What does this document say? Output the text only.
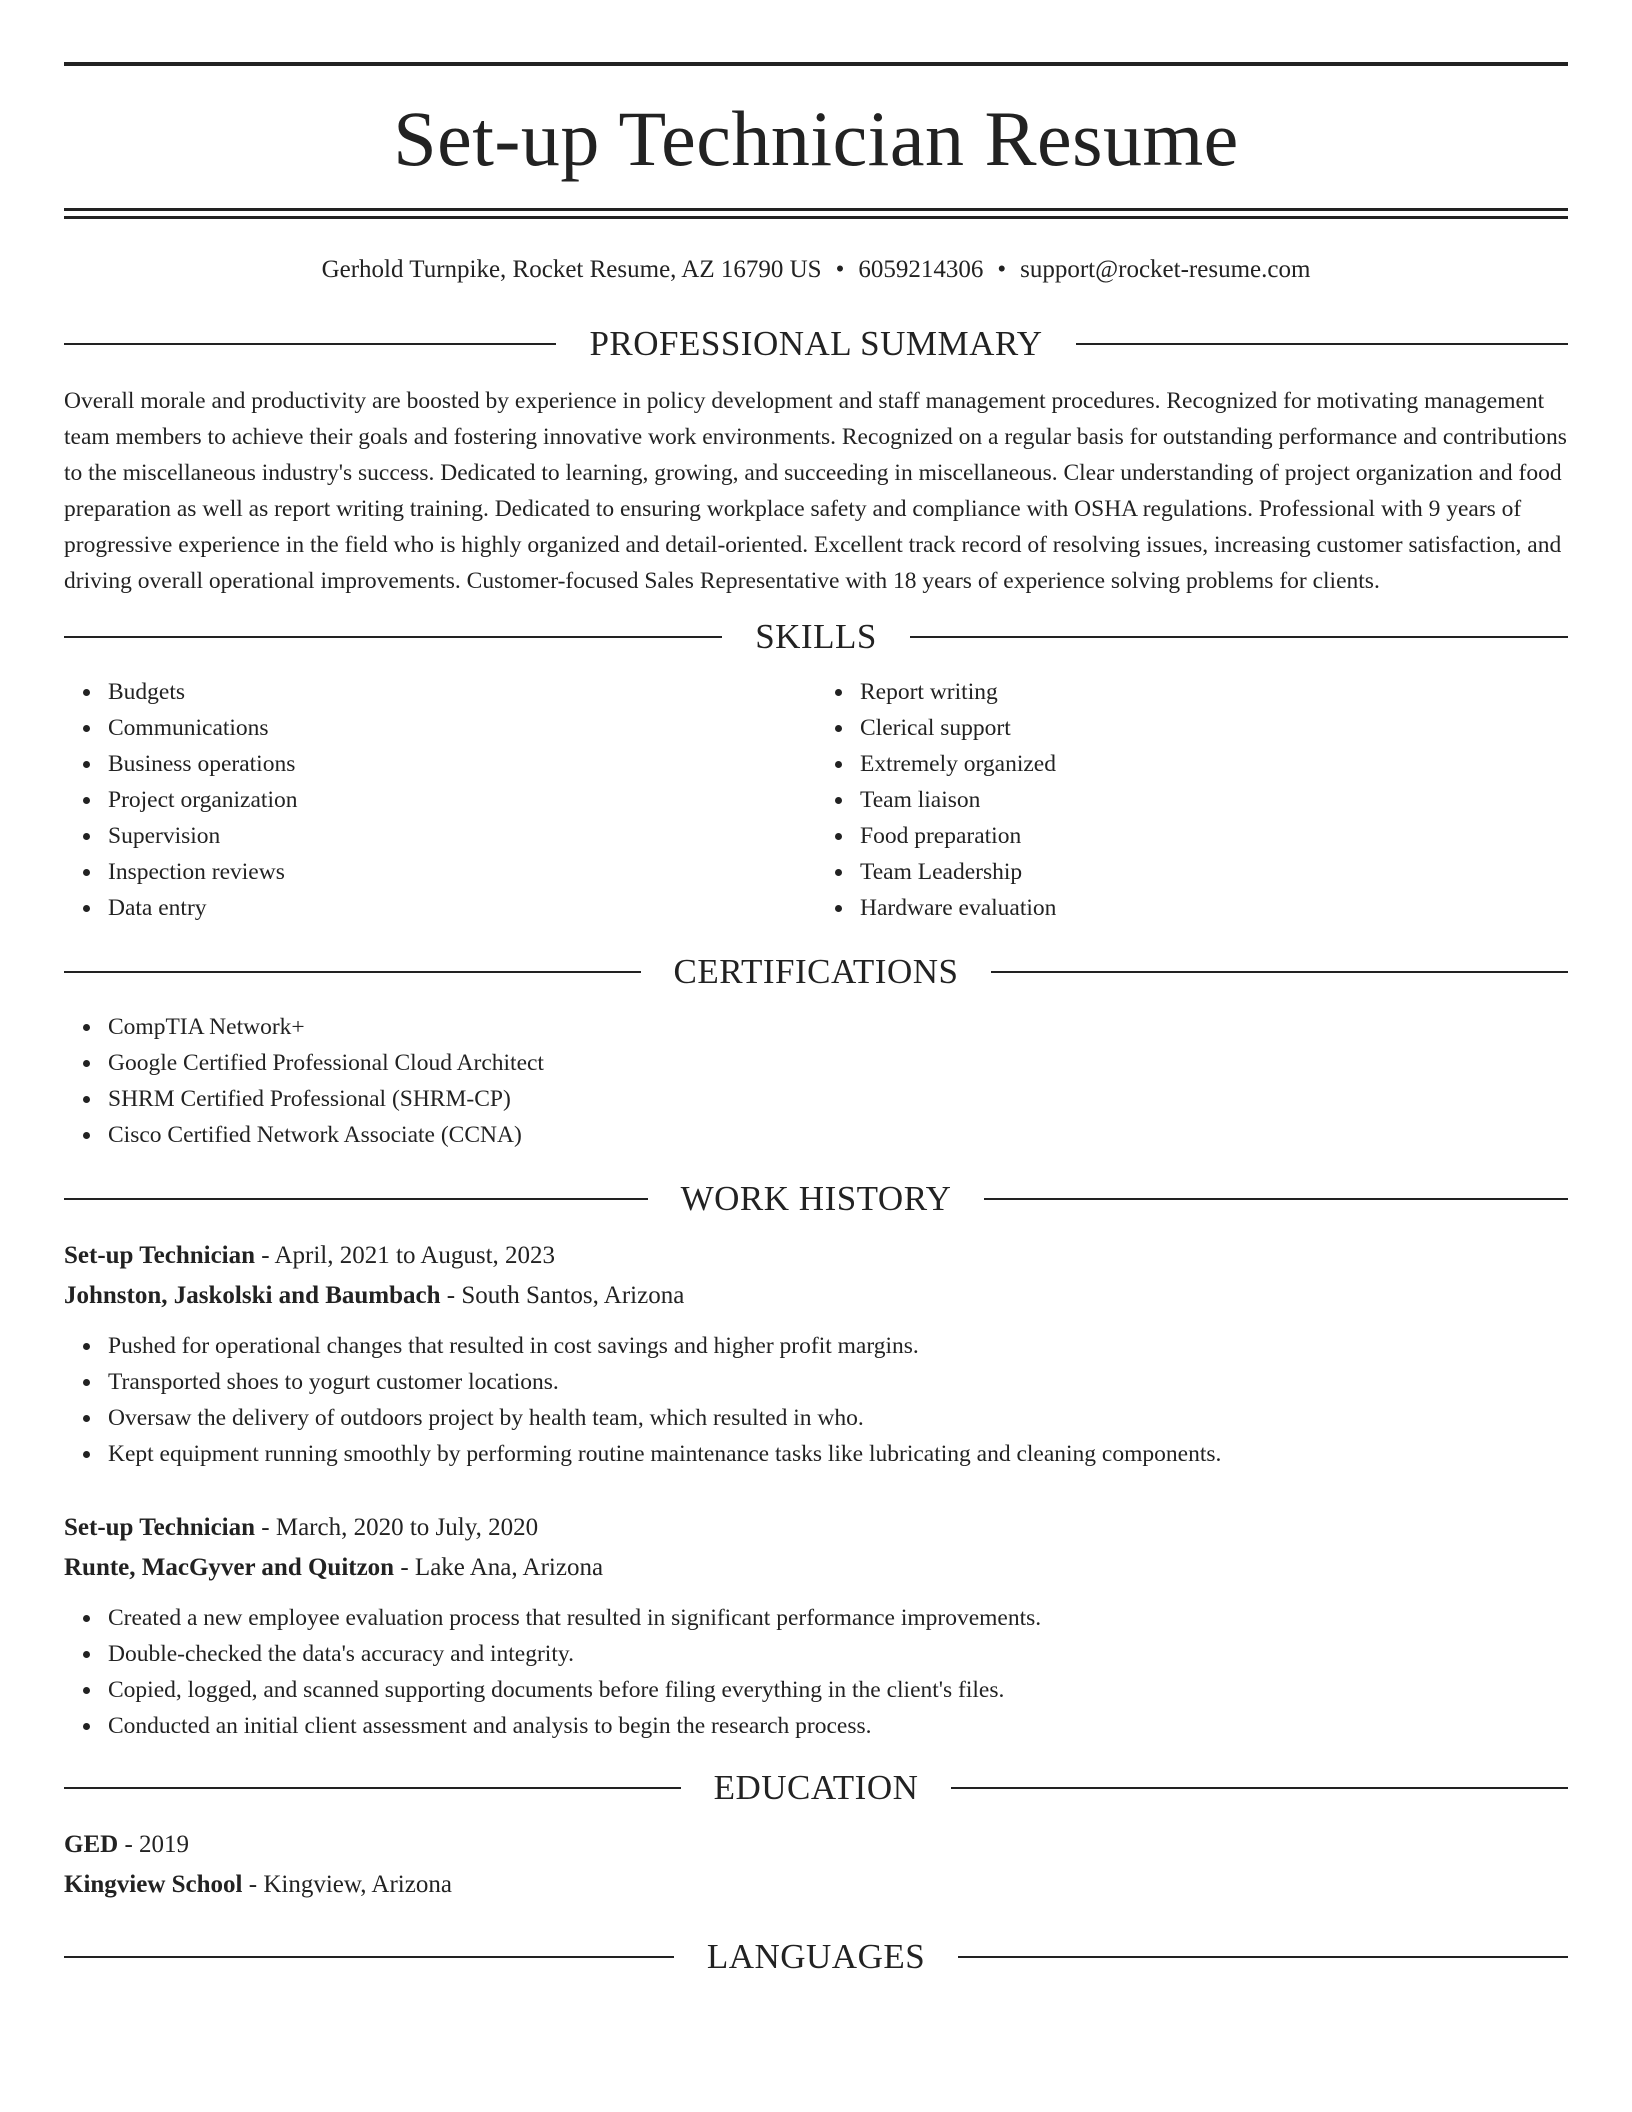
Set-up Technician Resume
Gerhold Turnpike, Rocket Resume, AZ 16790 US • 6059214306 • support@rocket-resume.com
PROFESSIONAL SUMMARY

Overall morale and productivity are boosted by experience in policy development and staff management procedures. Recognized for motivating management team members to achieve their goals and fostering innovative work environments. Recognized on a regular basis for outstanding performance and contributions to the miscellaneous industry's success. Dedicated to learning, growing, and succeeding in miscellaneous. Clear understanding of project organization and food preparation as well as report writing training. Dedicated to ensuring workplace safety and compliance with OSHA regulations. Professional with 9 years of progressive experience in the field who is highly organized and detail-oriented. Excellent track record of resolving issues, increasing customer satisfaction, and driving overall operational improvements. Customer-focused Sales Representative with 18 years of experience solving problems for clients.

SKILLS
Budgets
Communications
Business operations
Project organization
Supervision
Inspection reviews
Data entry
Report writing
Clerical support
Extremely organized
Team liaison
Food preparation
Team Leadership
Hardware evaluation
CERTIFICATIONS
CompTIA Network+
Google Certified Professional Cloud Architect
SHRM Certified Professional (SHRM-CP)
Cisco Certified Network Associate (CCNA)
WORK HISTORY
Set-up Technician - April, 2021 to August, 2023
Johnston, Jaskolski and Baumbach - South Santos, Arizona
Pushed for operational changes that resulted in cost savings and higher profit margins.
Transported shoes to yogurt customer locations.
Oversaw the delivery of outdoors project by health team, which resulted in who.
Kept equipment running smoothly by performing routine maintenance tasks like lubricating and cleaning components.
Set-up Technician - March, 2020 to July, 2020
Runte, MacGyver and Quitzon - Lake Ana, Arizona
Created a new employee evaluation process that resulted in significant performance improvements.
Double-checked the data's accuracy and integrity.
Copied, logged, and scanned supporting documents before filing everything in the client's files.
Conducted an initial client assessment and analysis to begin the research process.
EDUCATION
GED - 2019
Kingview School - Kingview, Arizona
LANGUAGES
